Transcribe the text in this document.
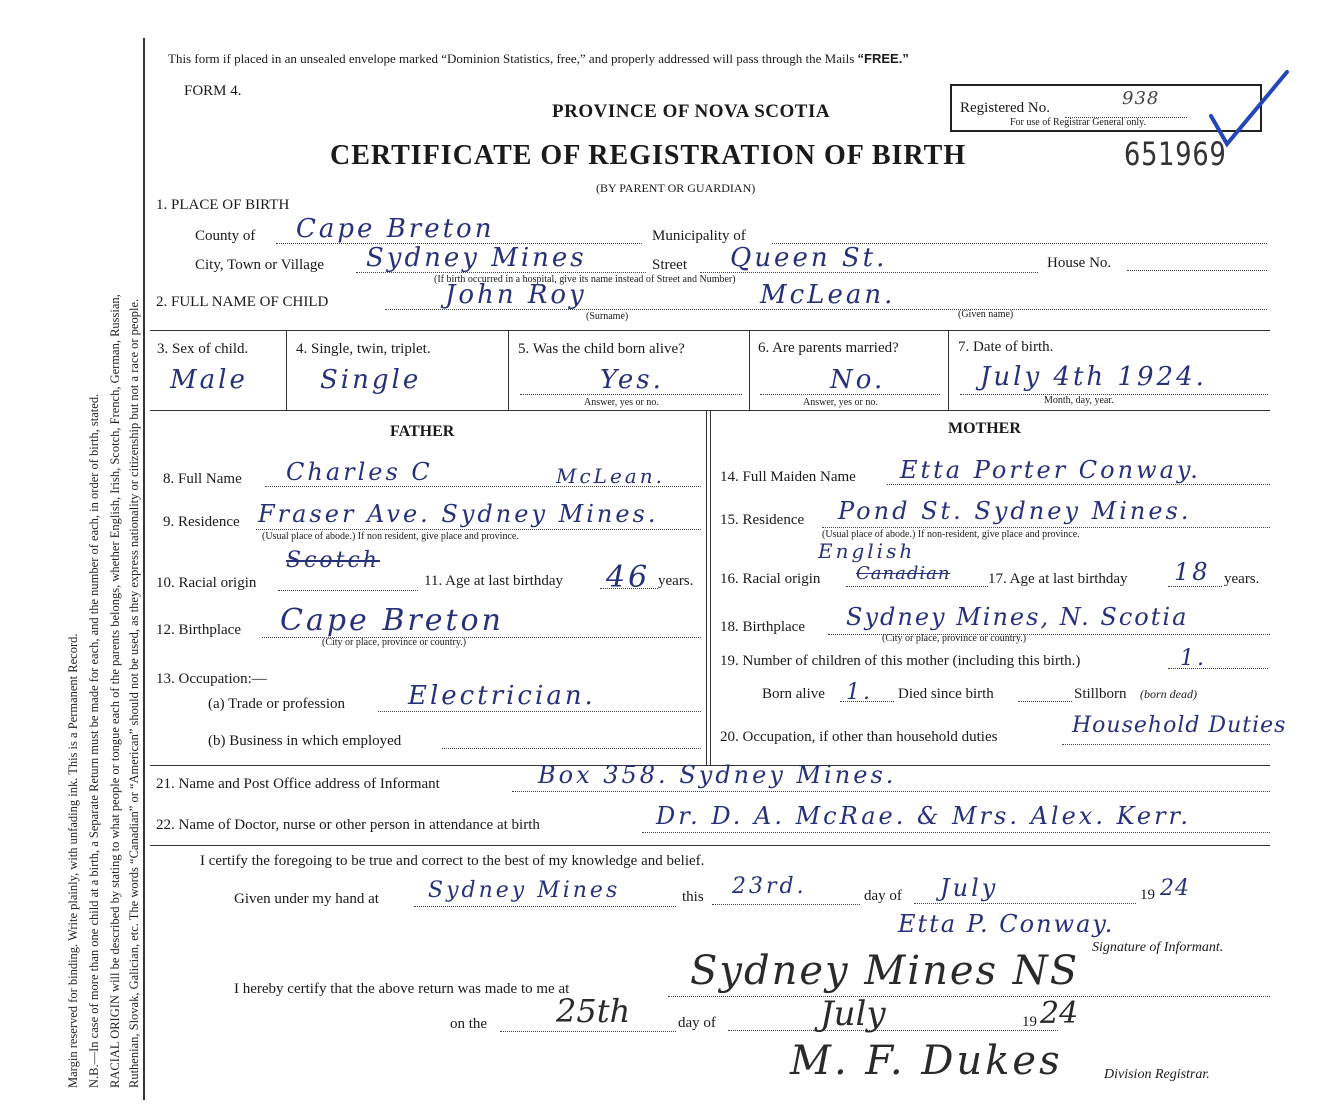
Margin reserved for binding. Write plainly, with unfading ink. This is a Permanent Record. N.B.—In case of more than one child at a birth, a Separate Return must be made for each, and the number of each, in order of birth, stated. RACIAL ORIGIN will be described by stating to what people or tongue each of the parents belongs, whether English, Irish, Scotch, French, German, Russian, Ruthenian, Slovak, Galician, etc. The words “Canadian” or “American” should not be used, as they express nationality or citizenship but not a race or people.
This form if placed in an unsealed envelope marked “Dominion Statistics, free,” and properly addressed will pass through the Mails “FREE.”
FORM 4.
PROVINCE OF NOVA SCOTIA
CERTIFICATE OF REGISTRATION OF BIRTH
(BY PARENT OR GUARDIAN)
Registered No.	938
For use of Registrar General only.
651969
1. PLACE OF BIRTH
County of Cape Breton	Municipality of
City, Town or Village Sydney Mines	Street Queen St.	House No.
(If birth occurred in a hospital, give its name instead of Street and Number)
2. FULL NAME OF CHILD	John Roy	McLean.
(Surname)	(Given name)
3. Sex of child.
Male
4. Single, twin, triplet.
Single
5. Was the child born alive?
Yes.
Answer, yes or no.
6. Are parents married?
No.
Answer, yes or no.
7. Date of birth.
July 4th 1924.
Month, day, year.
FATHER
8. Full Name Charles C	McLean.
9. Residence Fraser Ave. Sydney Mines.
(Usual place of abode.) If non resident, give place and province.
10. Racial origin
Scotch
11. Age at last birthday 46 years.
12. Birthplace Cape Breton
(City or place, province or country.)
13. Occupation:—
(a) Trade or profession Electrician.
(b) Business in which employed
MOTHER
14. Full Maiden Name Etta Porter Conway.
15. Residence Pond St. Sydney Mines.
(Usual place of abode.) If non-resident, give place and province.
16. Racial origin
English
Canadian	17. Age at last birthday 18 years.
18. Birthplace Sydney Mines, N. Scotia
(City or place, province or country.)
19. Number of children of this mother (including this birth.)	1.
Born alive 1. Died since birth	Stillborn (born dead)
20. Occupation, if other than household duties	Household Duties
21. Name and Post Office address of Informant	Box 358. Sydney Mines.
22. Name of Doctor, nurse or other person in attendance at birth	Dr. D. A. McRae. & Mrs. Alex. Kerr.
I certify the foregoing to be true and correct to the best of my knowledge and belief.
Given under my hand at Sydney Mines	this 23rd.	day of July	19 24
Etta P. Conway.
Signature of Informant.
I hereby certify that the above return was made to me at	Sydney Mines NS
on the 25th	day of	July	19 24
M. F. Dukes	Division Registrar.
